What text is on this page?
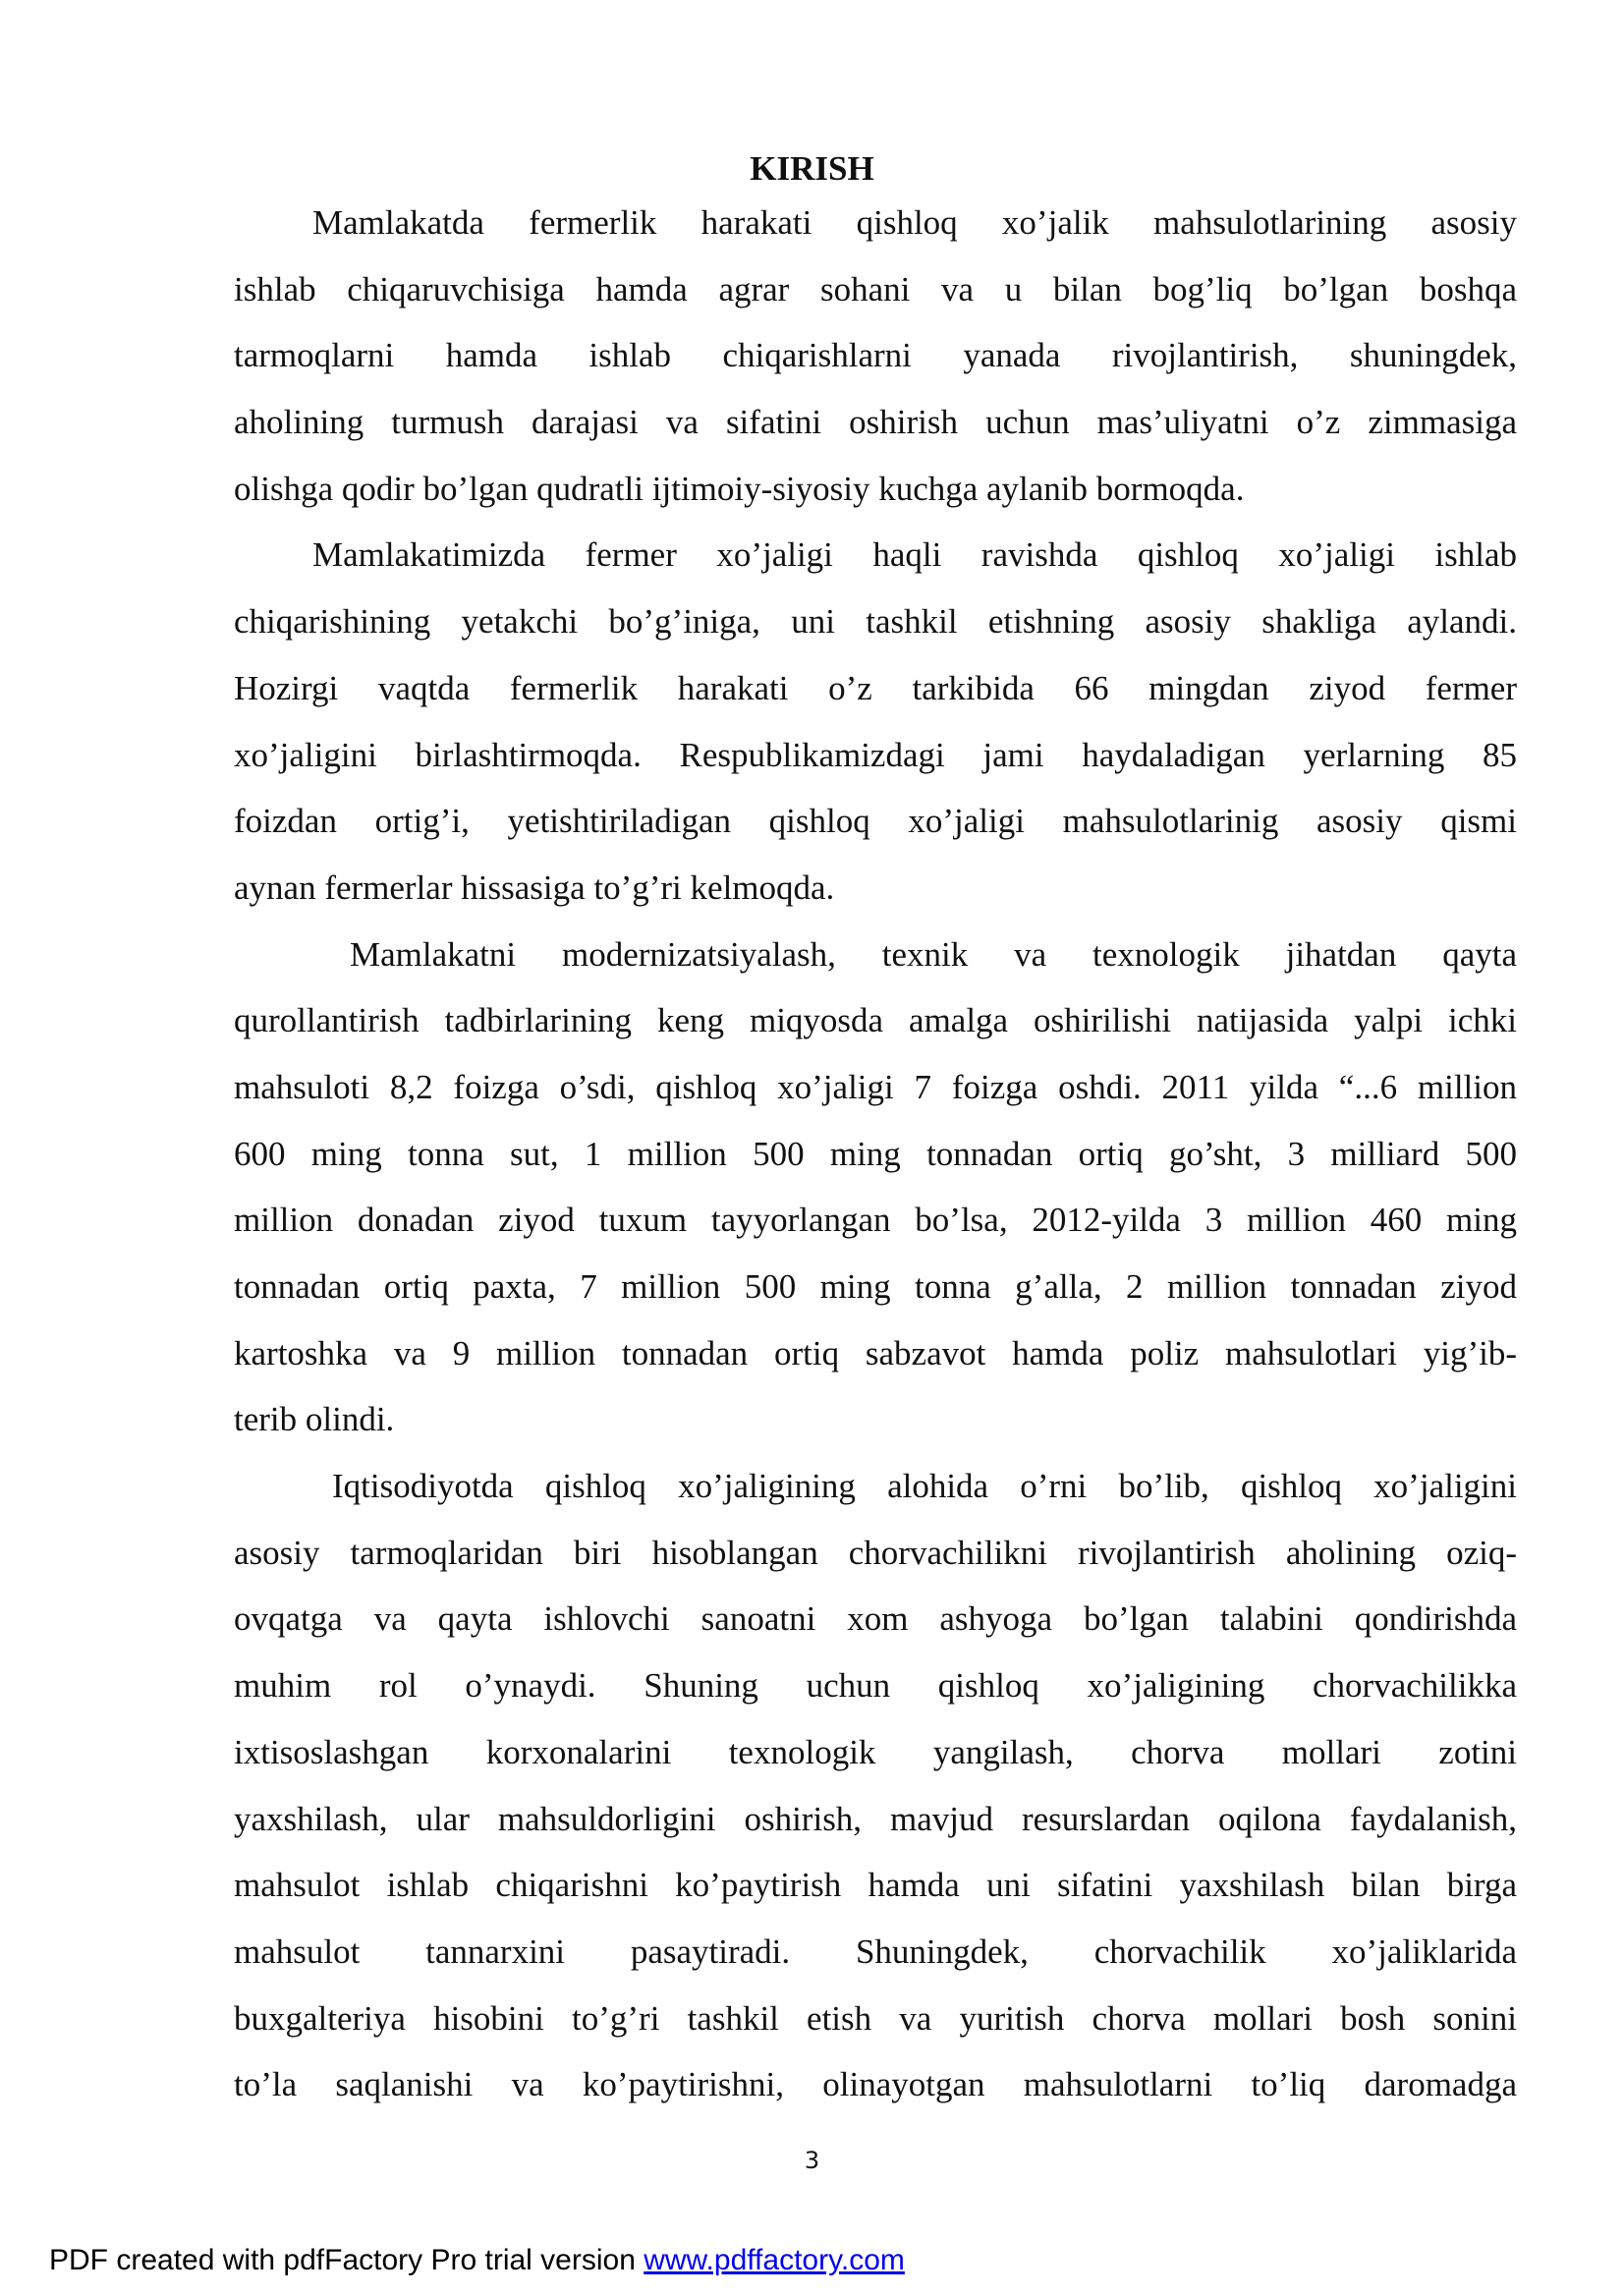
KIRISH
Mamlakatda fermerlik harakati qishloq xo’jalik mahsulotlarining asosiy
ishlab chiqaruvchisiga hamda agrar sohani va u bilan bog’liq bo’lgan boshqa
tarmoqlarni hamda ishlab chiqarishlarni yanada rivojlantirish, shuningdek,
aholining turmush darajasi va sifatini oshirish uchun mas’uliyatni o’z zimmasiga
olishga qodir bo’lgan qudratli ijtimoiy-siyosiy kuchga aylanib bormoqda.
Mamlakatimizda fermer xo’jaligi haqli ravishda qishloq xo’jaligi ishlab
chiqarishining yetakchi bo’g’iniga, uni tashkil etishning asosiy shakliga aylandi.
Hozirgi vaqtda fermerlik harakati o’z tarkibida 66 mingdan ziyod fermer
xo’jaligini birlashtirmoqda. Respublikamizdagi jami haydaladigan yerlarning 85
foizdan ortig’i, yetishtiriladigan qishloq xo’jaligi mahsulotlarinig asosiy qismi
aynan fermerlar hissasiga to’g’ri kelmoqda.
Mamlakatni modernizatsiyalash, texnik va texnologik jihatdan qayta
qurollantirish tadbirlarining keng miqyosda amalga oshirilishi natijasida yalpi ichki
mahsuloti 8,2 foizga o’sdi, qishloq xo’jaligi 7 foizga oshdi. 2011 yilda “...6 million
600 ming tonna sut, 1 million 500 ming tonnadan ortiq go’sht, 3 milliard 500
million donadan ziyod tuxum tayyorlangan bo’lsa, 2012-yilda 3 million 460 ming
tonnadan ortiq paxta, 7 million 500 ming tonna g’alla, 2 million tonnadan ziyod
kartoshka va 9 million tonnadan ortiq sabzavot hamda poliz mahsulotlari yig’ib-
terib olindi.
Iqtisodiyotda qishloq xo’jaligining alohida o’rni bo’lib, qishloq xo’jaligini
asosiy tarmoqlaridan biri hisoblangan chorvachilikni rivojlantirish aholining oziq-
ovqatga va qayta ishlovchi sanoatni xom ashyoga bo’lgan talabini qondirishda
muhim rol o’ynaydi. Shuning uchun qishloq xo’jaligining chorvachilikka
ixtisoslashgan korxonalarini texnologik yangilash, chorva mollari zotini
yaxshilash, ular mahsuldorligini oshirish, mavjud resurslardan oqilona faydalanish,
mahsulot ishlab chiqarishni ko’paytirish hamda uni sifatini yaxshilash bilan birga
mahsulot tannarxini pasaytiradi. Shuningdek, chorvachilik xo’jaliklarida
buxgalteriya hisobini to’g’ri tashkil etish va yuritish chorva mollari bosh sonini
to’la saqlanishi va ko’paytirishni, olinayotgan mahsulotlarni to’liq daromadga
3
PDF created with pdfFactory Pro trial version www.pdffactory.com
